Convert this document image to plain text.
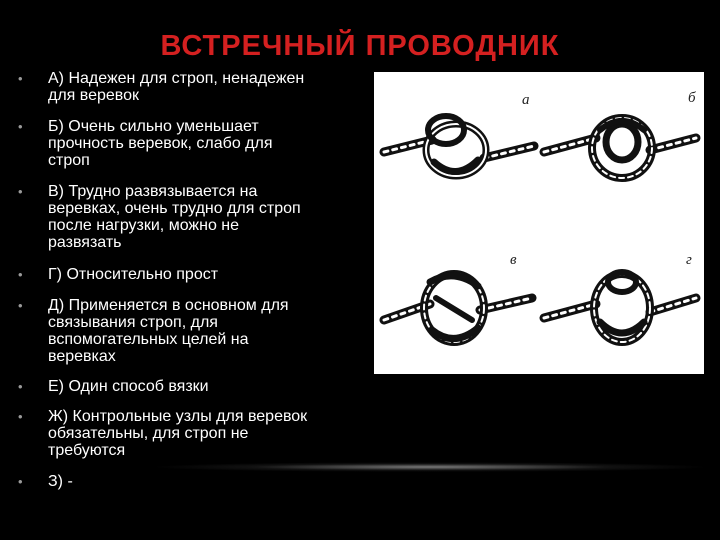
ВСТРЕЧНЫЙ ПРОВОДНИК
а	б
в	г
• А) Надежен для строп, ненадежен
для веревок
• Б) Очень сильно уменьшает
прочность веревок, слабо для
строп
• В) Трудно развязывается на
веревках, очень трудно для строп
после нагрузки, можно не
развязать
• Г) Относительно прост
• Д) Применяется в основном для
связывания строп, для
вспомогательных целей на
веревках
• Е) Один способ вязки
• Ж) Контрольные узлы для веревок
обязательны, для строп не
требуются
• З) -
